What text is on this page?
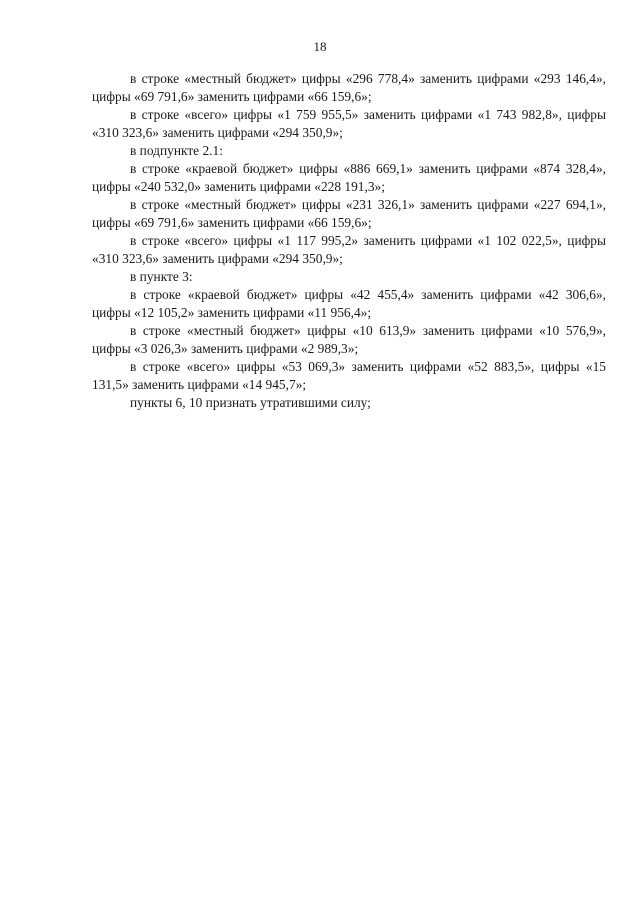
18

в строке «местный бюджет» цифры «296 778,4» заменить цифрами «293 146,4», цифры «69 791,6» заменить цифрами «66 159,6»;

в строке «всего» цифры «1 759 955,5» заменить цифрами «1 743 982,8», цифры «310 323,6» заменить цифрами «294 350,9»;

в подпункте 2.1:

в строке «краевой бюджет» цифры «886 669,1» заменить цифрами «874 328,4», цифры «240 532,0» заменить цифрами «228 191,3»;

в строке «местный бюджет» цифры «231 326,1» заменить цифрами «227 694,1», цифры «69 791,6» заменить цифрами «66 159,6»;

в строке «всего» цифры «1 117 995,2» заменить цифрами «1 102 022,5», цифры «310 323,6» заменить цифрами «294 350,9»;

в пункте 3:

в строке «краевой бюджет» цифры «42 455,4» заменить цифрами «42 306,6», цифры «12 105,2» заменить цифрами «11 956,4»;

в строке «местный бюджет» цифры «10 613,9» заменить цифрами «10 576,9», цифры «3 026,3» заменить цифрами «2 989,3»;

в строке «всего» цифры «53 069,3» заменить цифрами «52 883,5», цифры «15 131,5» заменить цифрами «14 945,7»;

пункты 6, 10 признать утратившими силу;
